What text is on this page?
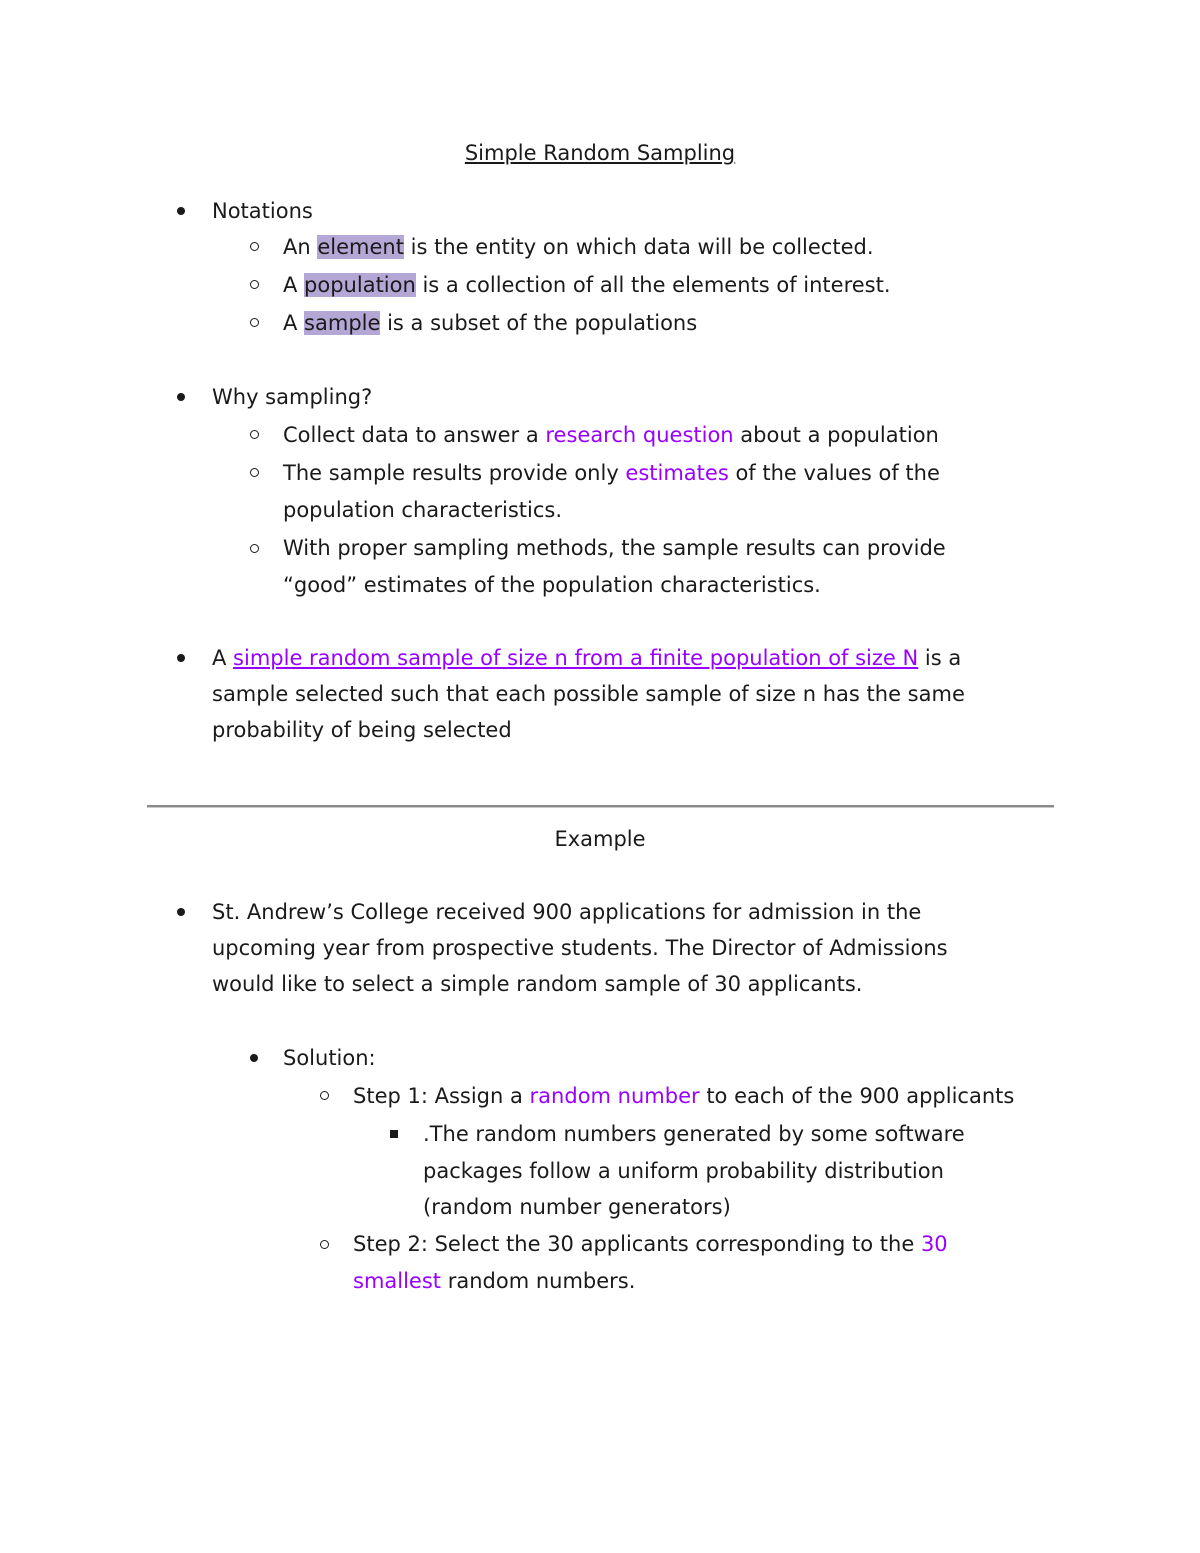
Simple Random Sampling
Notations
An element is the entity on which data will be collected.
A population is a collection of all the elements of interest.
A sample is a subset of the populations
Why sampling?
Collect data to answer a research question about a population
The sample results provide only estimates of the values of the
population characteristics.
With proper sampling methods, the sample results can provide
“good” estimates of the population characteristics.
A simple random sample of size n from a finite population of size N is a
sample selected such that each possible sample of size n has the same
probability of being selected
Example
St. Andrew’s College received 900 applications for admission in the
upcoming year from prospective students. The Director of Admissions
would like to select a simple random sample of 30 applicants.
Solution:
Step 1: Assign a random number to each of the 900 applicants
.The random numbers generated by some software
packages follow a uniform probability distribution
(random number generators)
Step 2: Select the 30 applicants corresponding to the 30
smallest random numbers.
